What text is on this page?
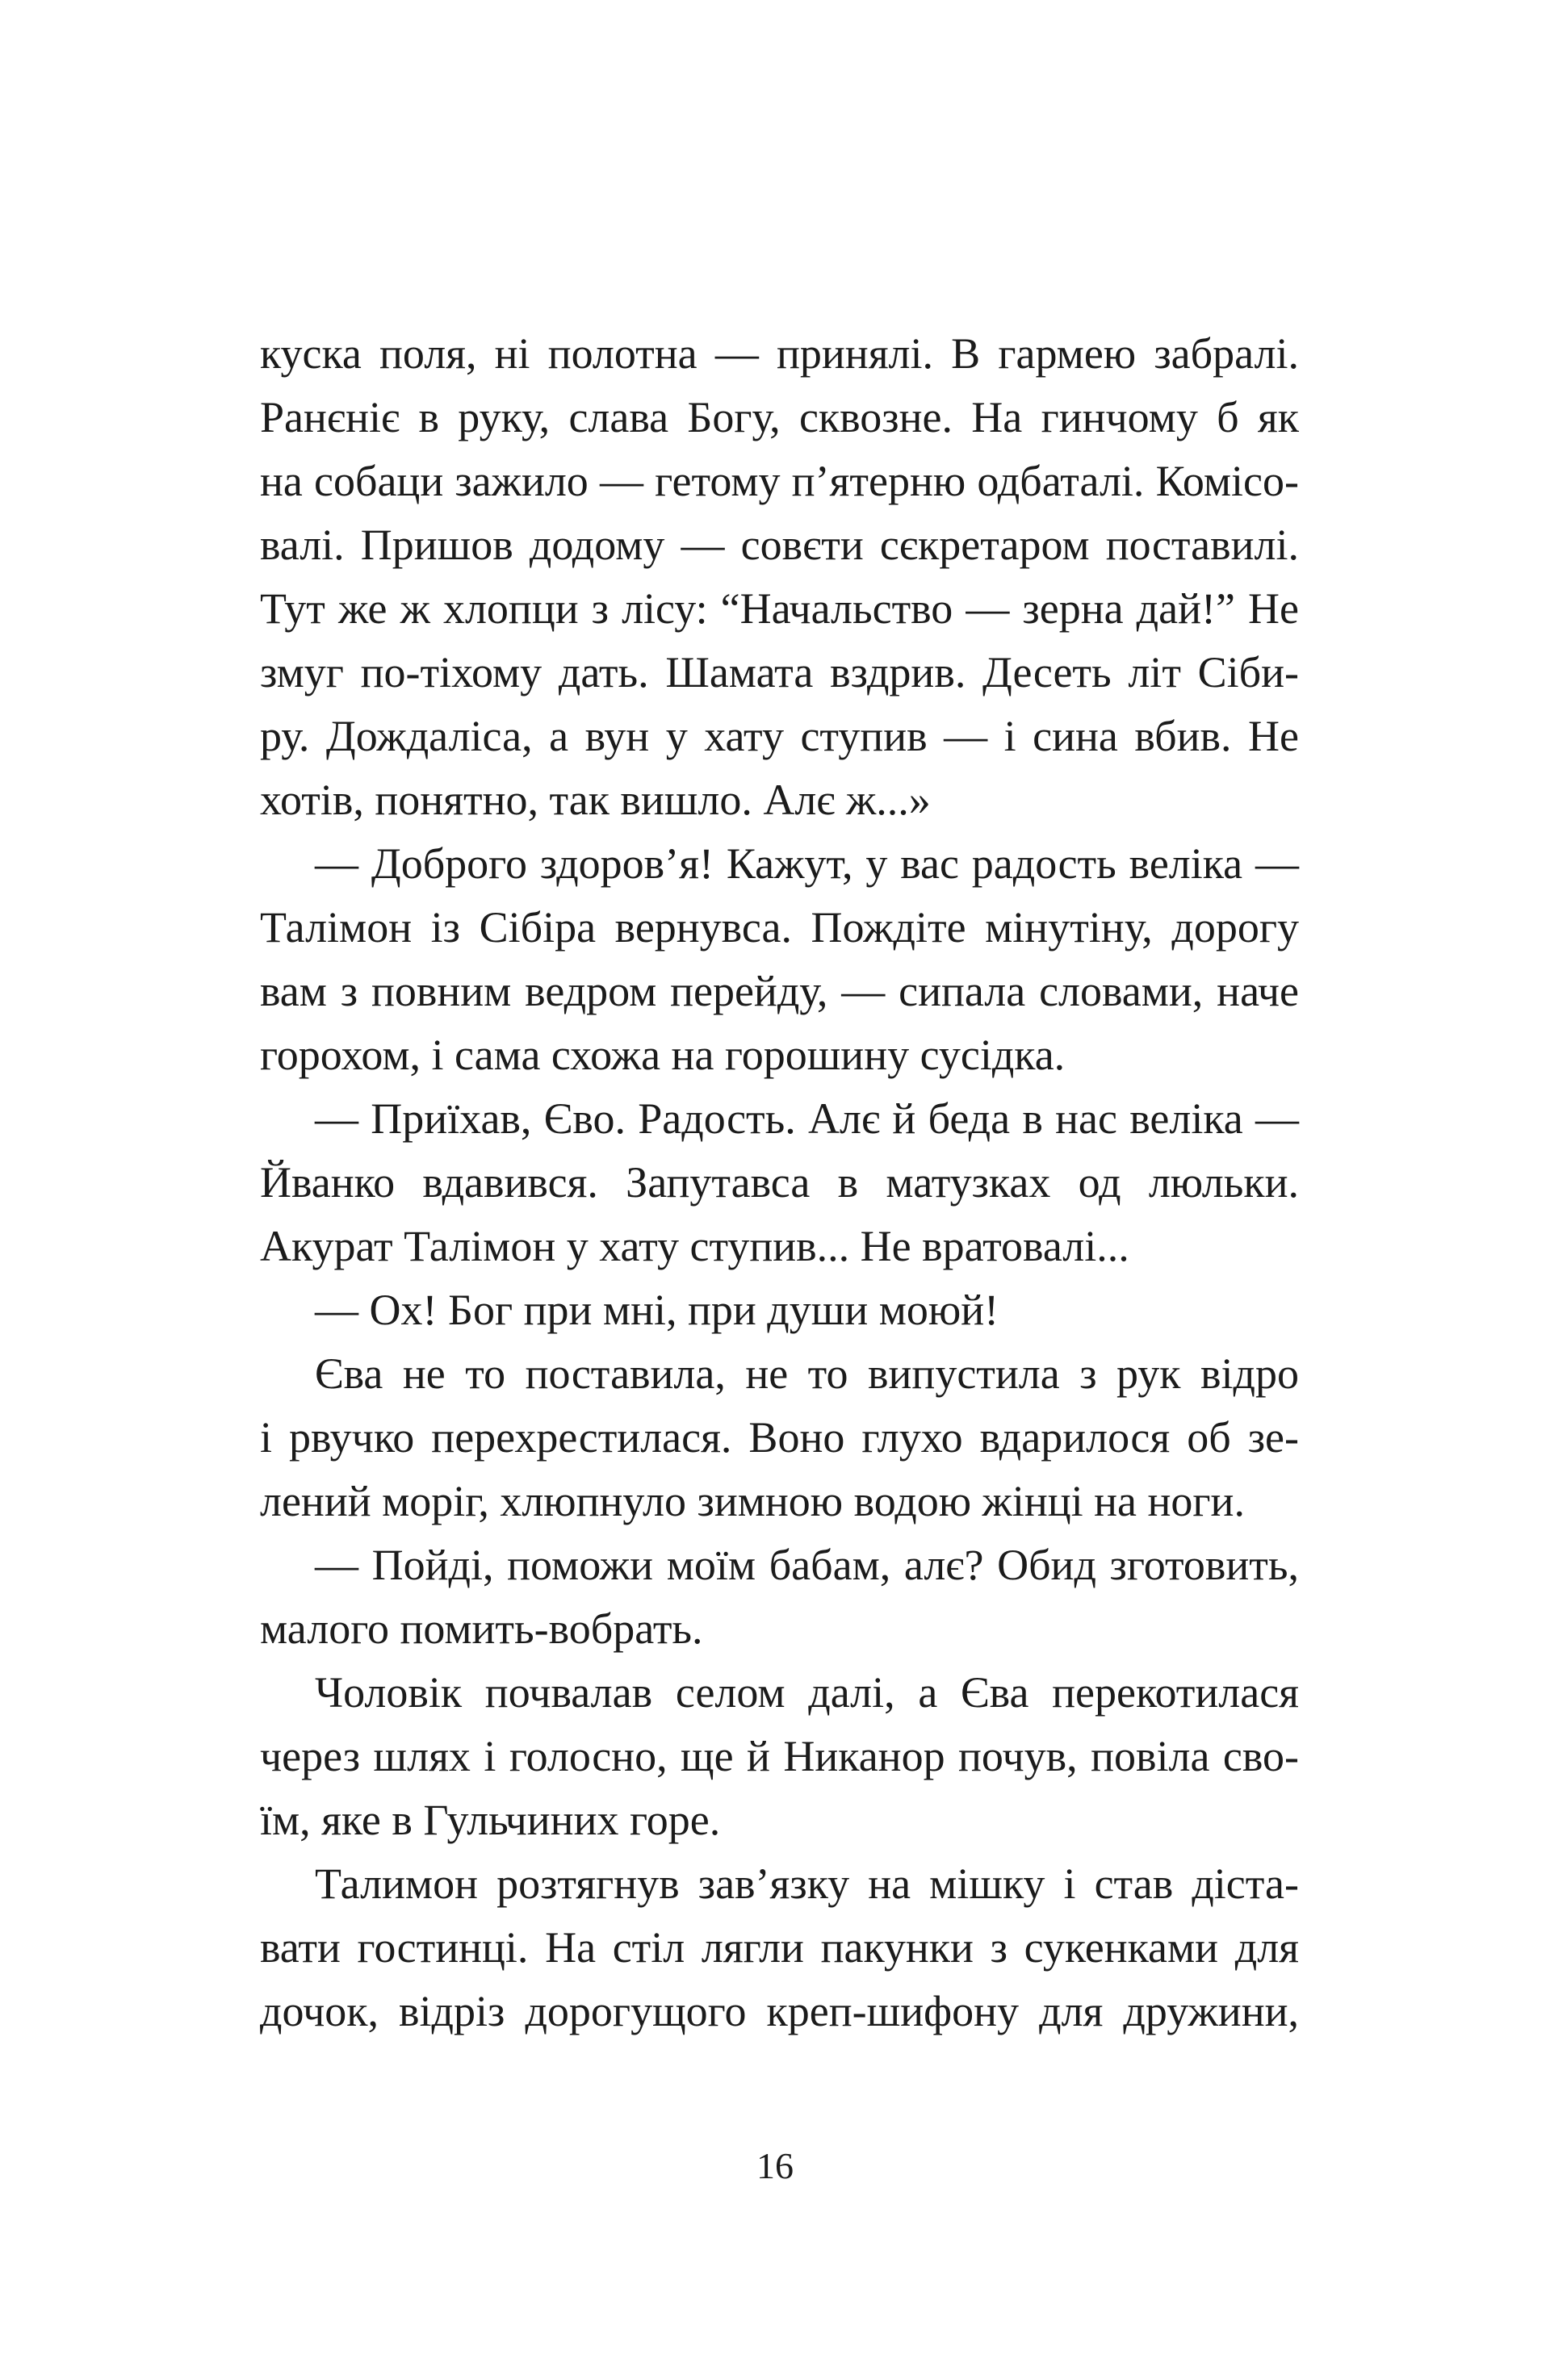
куска поля, ні полотна — принялі. В гармею забралі.
Ранєніє в руку, слава Богу, сквозне. На гинчому б як
на собаци зажило — гетому п’ятерню одбаталі. Комісо-
валі. Пришов додому — совєти сєкретаром поставилі.
Тут же ж хлопци з лісу: “Начальство — зерна дай!” Не
змуг по-тіхому дать. Шамата вздрив. Десеть літ Сіби-
ру. Дождаліса, а вун у хату ступив — і сина вбив. Не
хотів, понятно, так вишло. Алє ж...»
— Доброго здоров’я! Кажут, у вас радость веліка —
Талімон із Сібіра вернувса. Пождіте мінутіну, дорогу
вам з повним ведром перейду, — сипала словами, наче
горохом, і сама схожа на горошину сусідка.
— Приїхав, Єво. Радость. Алє й беда в нас веліка —
Йванко вдавився. Запутавса в матузках од люльки.
Акурат Талімон у хату ступив... Не вратовалі...
— Ох! Бог при мні, при души моюй!
Єва не то поставила, не то випустила з рук відро
і рвучко перехрестилася. Воно глухо вдарилося об зе-
лений моріг, хлюпнуло зимною водою жінці на ноги.
— Пойді, поможи моїм бабам, алє? Обид зготовить,
малого помить-вобрать.
Чоловік почвалав селом далі, а Єва перекотилася
через шлях і голосно, ще й Никанор почув, повіла сво-
їм, яке в Гульчиних горе.
Талимон розтягнув зав’язку на мішку і став діста-
вати гостинці. На стіл лягли пакунки з сукенками для
дочок, відріз дорогущого креп-шифону для дружини,
16
